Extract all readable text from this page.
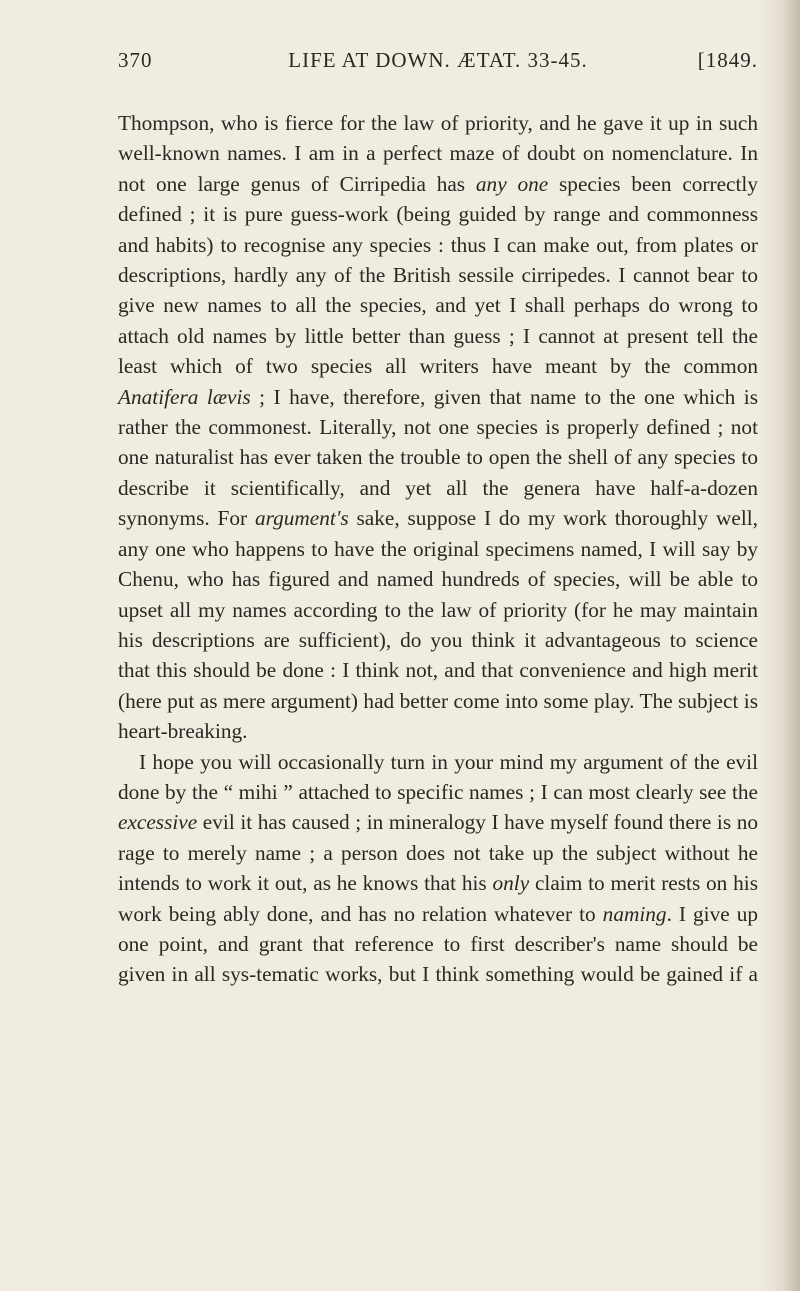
370	LIFE AT DOWN. ÆTAT. 33-45.	[1849.

Thompson, who is fierce for the law of priority, and he gave it up in such well-known names. I am in a perfect maze of doubt on nomenclature. In not one large genus of Cirripedia has any one species been correctly defined ; it is pure guess-work (being guided by range and commonness and habits) to recognise any species : thus I can make out, from plates or descriptions, hardly any of the British sessile cirripedes. I cannot bear to give new names to all the species, and yet I shall perhaps do wrong to attach old names by little better than guess ; I cannot at present tell the least which of two species all writers have meant by the common Anatifera lævis ; I have, therefore, given that name to the one which is rather the commonest. Literally, not one species is properly defined ; not one naturalist has ever taken the trouble to open the shell of any species to describe it scientifically, and yet all the genera have half-a-dozen synonyms. For argument's sake, suppose I do my work thoroughly well, any one who happens to have the original specimens named, I will say by Chenu, who has figured and named hundreds of species, will be able to upset all my names according to the law of priority (for he may maintain his descriptions are sufficient), do you think it advantageous to science that this should be done : I think not, and that convenience and high merit (here put as mere argument) had better come into some play. The subject is heart-breaking.

I hope you will occasionally turn in your mind my argument of the evil done by the “ mihi ” attached to specific names ; I can most clearly see the excessive evil it has caused ; in mineralogy I have myself found there is no rage to merely name ; a person does not take up the subject without he intends to work it out, as he knows that his only claim to merit rests on his work being ably done, and has no relation whatever to naming. I give up one point, and grant that reference to first describer's name should be given in all sys-tematic works, but I think something would be gained if a
